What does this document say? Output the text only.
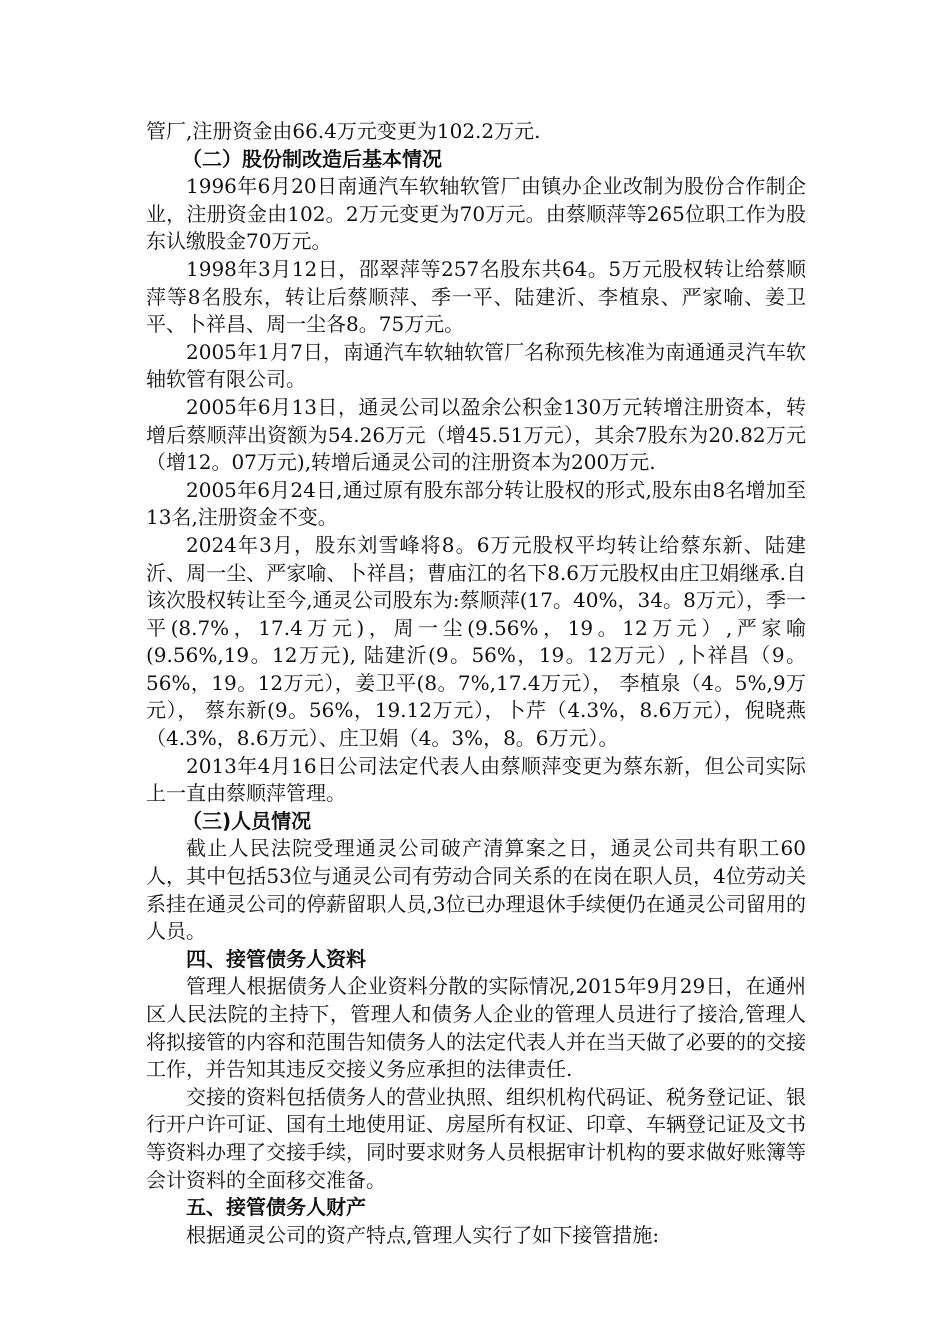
管厂,注册资金由66.4万元变更为102.2万元.

（二）股份制改造后基本情况

1996年6月20日南通汽车软轴软管厂由镇办企业改制为股份合作制企业，注册资金由102。2万元变更为70万元。由蔡顺萍等265位职工作为股东认缴股金70万元。

1998年3月12日，邵翠萍等257名股东共64。5万元股权转让给蔡顺萍等8名股东，转让后蔡顺萍、季一平、陆建沂、李植泉、严家喻、姜卫平、卜祥昌、周一尘各8。75万元。

2005年1月7日，南通汽车软轴软管厂名称预先核准为南通通灵汽车软轴软管有限公司。

2005年6月13日，通灵公司以盈余公积金130万元转增注册资本，转增后蔡顺萍出资额为54.26万元（增45.51万元），其余7股东为20.82万元（增12。07万元),转增后通灵公司的注册资本为200万元.

2005年6月24日,通过原有股东部分转让股权的形式,股东由8名增加至13名,注册资金不变。

2024年3月，股东刘雪峰将8。6万元股权平均转让给蔡东新、陆建沂、周一尘、严家喻、卜祥昌；曹庙江的名下8.6万元股权由庄卫娟继承.自该次股权转让至今,通灵公司股东为:蔡顺萍(17。40%，34。8万元），季一平(8.7%，17.4万元)，周一尘(9.56%，19。12万元）,严家喻(9.56%,19。12万元), 陆建沂(9。56%，19。12万元）,卜祥昌（9。56%，19。12万元），姜卫平(8。7%,17.4万元）， 李植泉（4。5%,9万元）， 蔡东新(9。56%，19.12万元），卜芹（4.3%，8.6万元），倪晓燕（4.3%，8.6万元）、庄卫娟（4。3%，8。6万元）。

2013年4月16日公司法定代表人由蔡顺萍变更为蔡东新，但公司实际上一直由蔡顺萍管理。

（三)人员情况

截止人民法院受理通灵公司破产清算案之日，通灵公司共有职工60人，其中包括53位与通灵公司有劳动合同关系的在岗在职人员，4位劳动关系挂在通灵公司的停薪留职人员,3位已办理退休手续便仍在通灵公司留用的人员。

四、接管债务人资料

管理人根据债务人企业资料分散的实际情况,2015年9月29日，在通州区人民法院的主持下，管理人和债务人企业的管理人员进行了接洽,管理人将拟接管的内容和范围告知债务人的法定代表人并在当天做了必要的的交接工作，并告知其违反交接义务应承担的法律责任.

交接的资料包括债务人的营业执照、组织机构代码证、税务登记证、银行开户许可证、国有土地使用证、房屋所有权证、印章、车辆登记证及文书等资料办理了交接手续，同时要求财务人员根据审计机构的要求做好账簿等会计资料的全面移交准备。

五、接管债务人财产

根据通灵公司的资产特点,管理人实行了如下接管措施:
